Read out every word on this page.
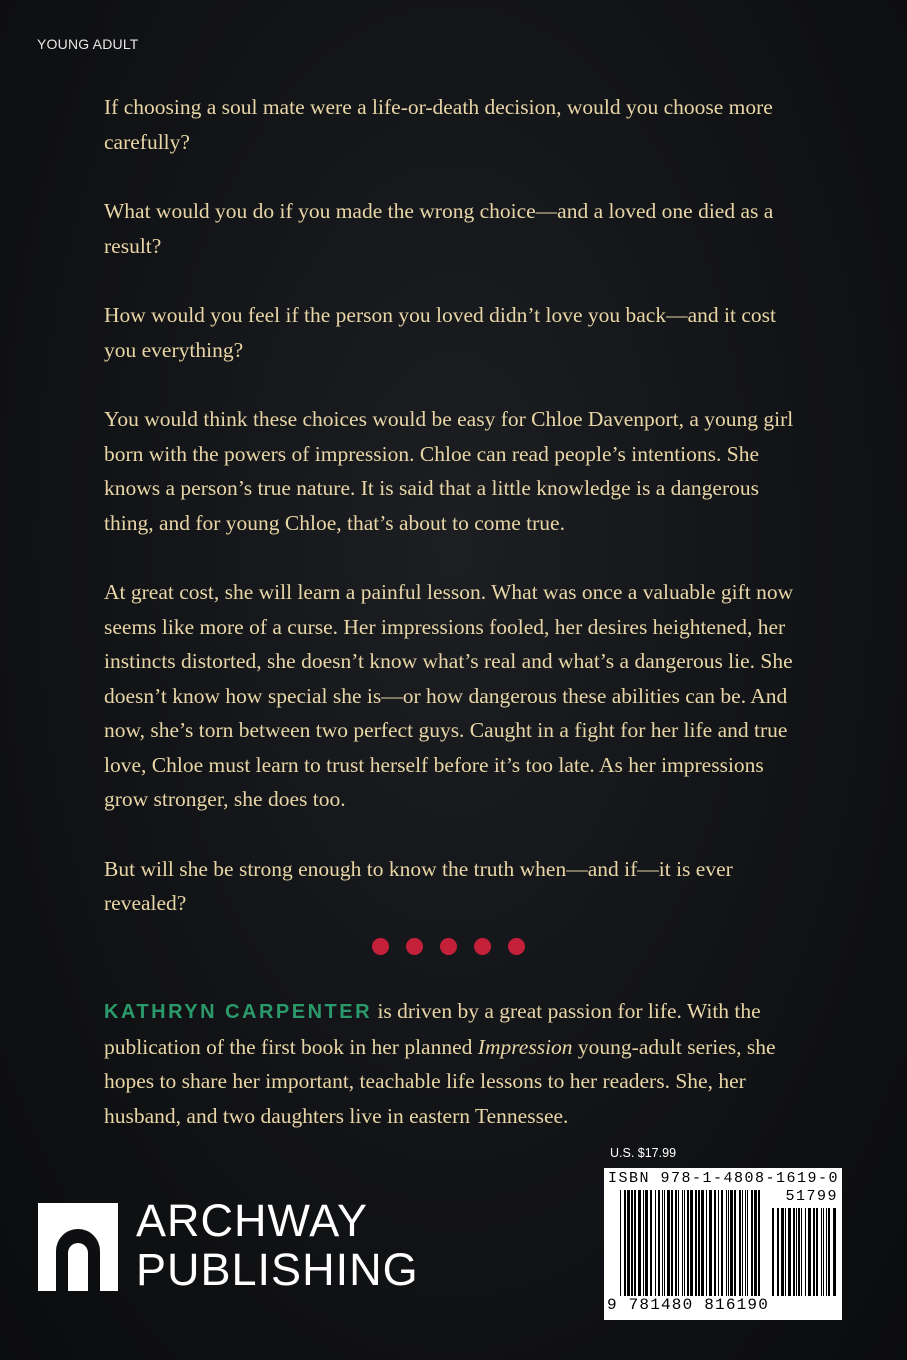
YOUNG ADULT

If choosing a soul mate were a life-or-death decision, would you choose more carefully?

What would you do if you made the wrong choice—and a loved one died as a result?

How would you feel if the person you loved didn’t love you back—and it cost you everything?

You would think these choices would be easy for Chloe Davenport, a young girl born with the powers of impression. Chloe can read people’s intentions. She knows a person’s true nature. It is said that a little knowledge is a dangerous thing, and for young Chloe, that’s about to come true.

At great cost, she will learn a painful lesson. What was once a valuable gift now seems like more of a curse. Her impressions fooled, her desires heightened, her instincts distorted, she doesn’t know what’s real and what’s a dangerous lie. She doesn’t know how special she is—or how dangerous these abilities can be. And now, she’s torn between two perfect guys. Caught in a fight for her life and true love, Chloe must learn to trust herself before it’s too late. As her impressions grow stronger, she does too.

But will she be strong enough to know the truth when—and if—it is ever revealed?

KATHRYN CARPENTER is driven by a great passion for life. With the publication of the first book in her planned Impression young-adult series, she hopes to share her important, teachable life lessons to her readers. She, her husband, and two daughters live in eastern Tennessee.
U.S. $17.99
ISBN 978-1-4808-1619-0
51799
9 781480 816190
ARCHWAY
PUBLISHING
